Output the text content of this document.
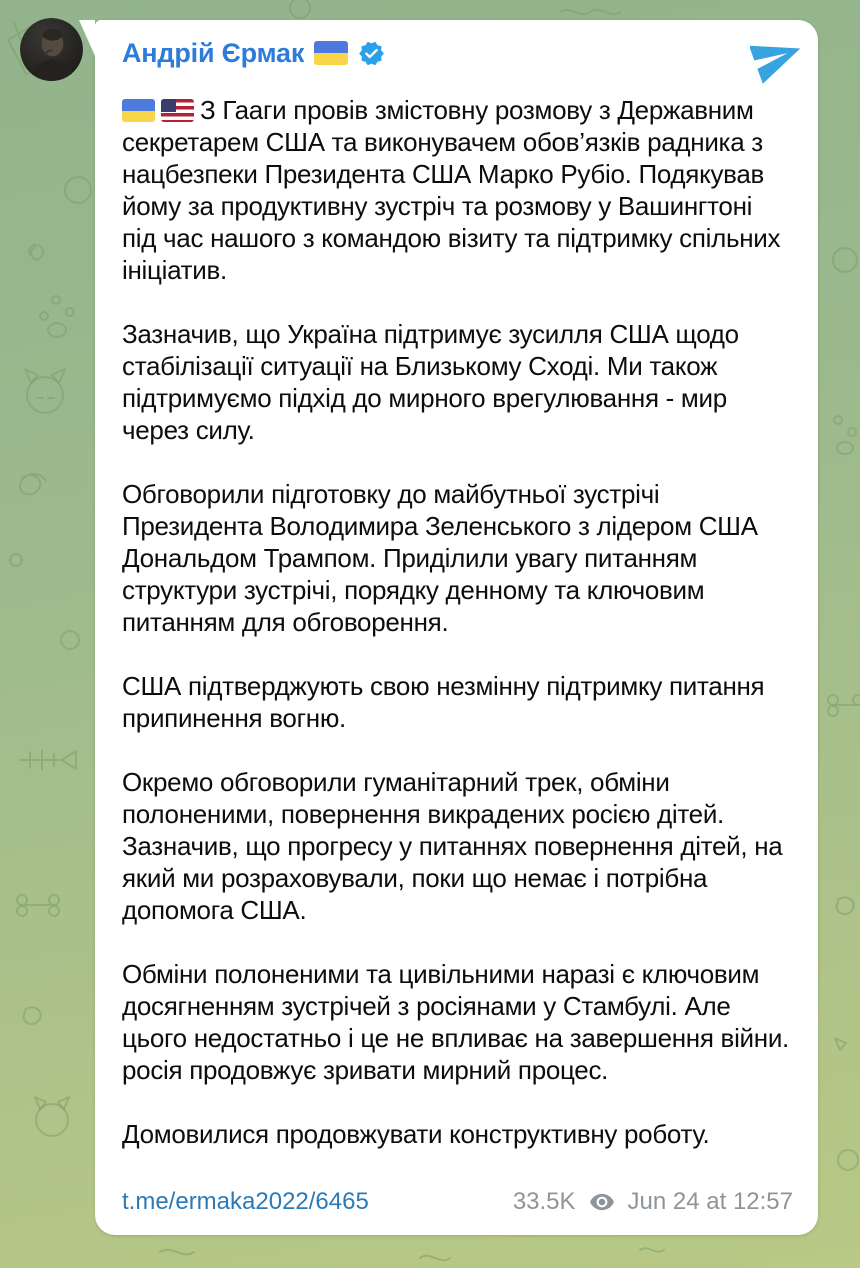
Андрій Єрмак

З Гааги провів змістовну розмову з Державним секретарем США та виконувачем обов’язків радника з нацбезпеки Президента США Марко Рубіо. Подякував йому за продуктивну зустріч та розмову у Вашингтоні під час нашого з командою візиту та підтримку спільних ініціатив.

Зазначив, що Україна підтримує зусилля США щодо стабілізації ситуації на Близькому Сході. Ми також підтримуємо підхід до мирного врегулювання - мир через силу.

Обговорили підготовку до майбутньої зустрічі Президента Володимира Зеленського з лідером США Дональдом Трампом. Приділили увагу питанням структури зустрічі, порядку денному та ключовим питанням для обговорення.

США підтверджують свою незмінну підтримку питання припинення вогню.

Окремо обговорили гуманітарний трек, обміни полоненими, повернення викрадених росією дітей. Зазначив, що прогресу у питаннях повернення дітей, на який ми розраховували, поки що немає і потрібна допомога США.

Обміни полоненими та цивільними наразі є ключовим досягненням зустрічей з росіянами у Стамбулі. Але цього недостатньо і це не впливає на завершення війни. росія продовжує зривати мирний процес.

Домовилися продовжувати конструктивну роботу.

t.me/ermaka2022/6465	33.5K Jun 24 at 12:57
